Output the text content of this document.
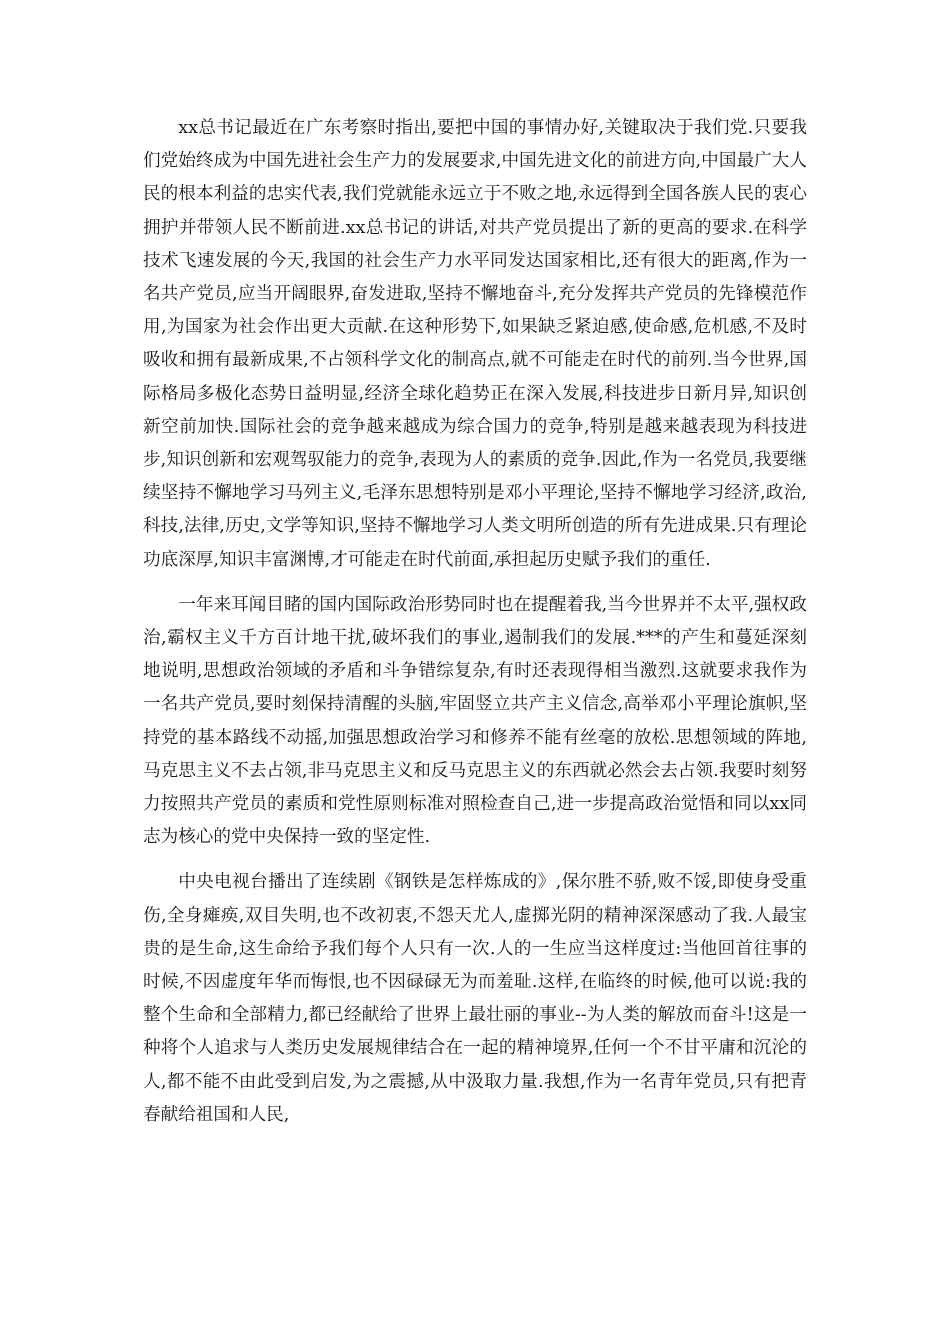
xx总书记最近在广东考察时指出,要把中国的事情办好,关键取决于我们党.只要我们党始终成为中国先进社会生产力的发展要求,中国先进文化的前进方向,中国最广大人民的根本利益的忠实代表,我们党就能永远立于不败之地,永远得到全国各族人民的衷心拥护并带领人民不断前进.xx总书记的讲话,对共产党员提出了新的更高的要求.在科学技术飞速发展的今天,我国的社会生产力水平同发达国家相比,还有很大的距离,作为一名共产党员,应当开阔眼界,奋发进取,坚持不懈地奋斗,充分发挥共产党员的先锋模范作用,为国家为社会作出更大贡献.在这种形势下,如果缺乏紧迫感,使命感,危机感,不及时吸收和拥有最新成果,不占领科学文化的制高点,就不可能走在时代的前列.当今世界,国际格局多极化态势日益明显,经济全球化趋势正在深入发展,科技进步日新月异,知识创新空前加快.国际社会的竞争越来越成为综合国力的竞争,特别是越来越表现为科技进步,知识创新和宏观驾驭能力的竞争,表现为人的素质的竞争.因此,作为一名党员,我要继续坚持不懈地学习马列主义,毛泽东思想特别是邓小平理论,坚持不懈地学习经济,政治,科技,法律,历史,文学等知识,坚持不懈地学习人类文明所创造的所有先进成果.只有理论功底深厚,知识丰富渊博,才可能走在时代前面,承担起历史赋予我们的重任.

一年来耳闻目睹的国内国际政治形势同时也在提醒着我,当今世界并不太平,强权政治,霸权主义千方百计地干扰,破坏我们的事业,遏制我们的发展.***的产生和蔓延深刻地说明,思想政治领域的矛盾和斗争错综复杂,有时还表现得相当激烈.这就要求我作为一名共产党员,要时刻保持清醒的头脑,牢固竖立共产主义信念,高举邓小平理论旗帜,坚持党的基本路线不动摇,加强思想政治学习和修养不能有丝毫的放松.思想领域的阵地,马克思主义不去占领,非马克思主义和反马克思主义的东西就必然会去占领.我要时刻努力按照共产党员的素质和党性原则标准对照检查自己,进一步提高政治觉悟和同以xx同志为核心的党中央保持一致的坚定性.

中央电视台播出了连续剧《钢铁是怎样炼成的》,保尔胜不骄,败不馁,即使身受重伤,全身瘫痪,双目失明,也不改初衷,不怨天尤人,虚掷光阴的精神深深感动了我.人最宝贵的是生命,这生命给予我们每个人只有一次.人的一生应当这样度过:当他回首往事的时候,不因虚度年华而悔恨,也不因碌碌无为而羞耻.这样,在临终的时候,他可以说:我的整个生命和全部精力,都已经献给了世界上最壮丽的事业--为人类的解放而奋斗!这是一种将个人追求与人类历史发展规律结合在一起的精神境界,任何一个不甘平庸和沉沦的人,都不能不由此受到启发,为之震撼,从中汲取力量.我想,作为一名青年党员,只有把青春献给祖国和人民,
